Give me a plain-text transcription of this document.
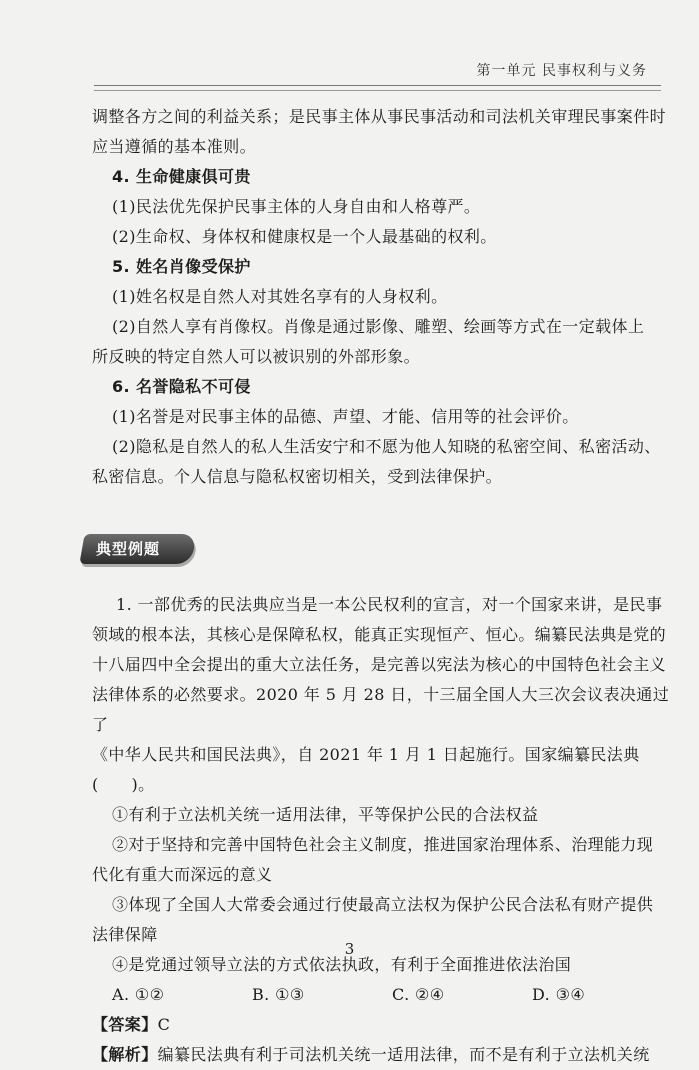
第一单元 民事权利与义务

调整各方之间的利益关系；是民事主体从事民事活动和司法机关审理民事案件时

应当遵循的基本准则。

4. 生命健康俱可贵

(1)民法优先保护民事主体的人身自由和人格尊严。

(2)生命权、身体权和健康权是一个人最基础的权利。

5. 姓名肖像受保护

(1)姓名权是自然人对其姓名享有的人身权利。

(2)自然人享有肖像权。肖像是通过影像、雕塑、绘画等方式在一定载体上

所反映的特定自然人可以被识别的外部形象。

6. 名誉隐私不可侵

(1)名誉是对民事主体的品德、声望、才能、信用等的社会评价。

(2)隐私是自然人的私人生活安宁和不愿为他人知晓的私密空间、私密活动、

私密信息。个人信息与隐私权密切相关，受到法律保护。

典型例题

1. 一部优秀的民法典应当是一本公民权利的宣言，对一个国家来讲，是民事

领域的根本法，其核心是保障私权，能真正实现恒产、恒心。编纂民法典是党的

十八届四中全会提出的重大立法任务，是完善以宪法为核心的中国特色社会主义

法律体系的必然要求。2020 年 5 月 28 日，十三届全国人大三次会议表决通过了

《中华人民共和国民法典》，自 2021 年 1 月 1 日起施行。国家编纂民法典(　　)。

①有利于立法机关统一适用法律，平等保护公民的合法权益

②对于坚持和完善中国特色社会主义制度，推进国家治理体系、治理能力现

代化有重大而深远的意义

③体现了全国人大常委会通过行使最高立法权为保护公民合法私有财产提供

法律保障

④是党通过领导立法的方式依法执政，有利于全面推进依法治国

A. ①②	B. ①③	C. ②④	D. ③④

【答案】C

【解析】编纂民法典有利于司法机关统一适用法律，而不是有利于立法机关统

3
